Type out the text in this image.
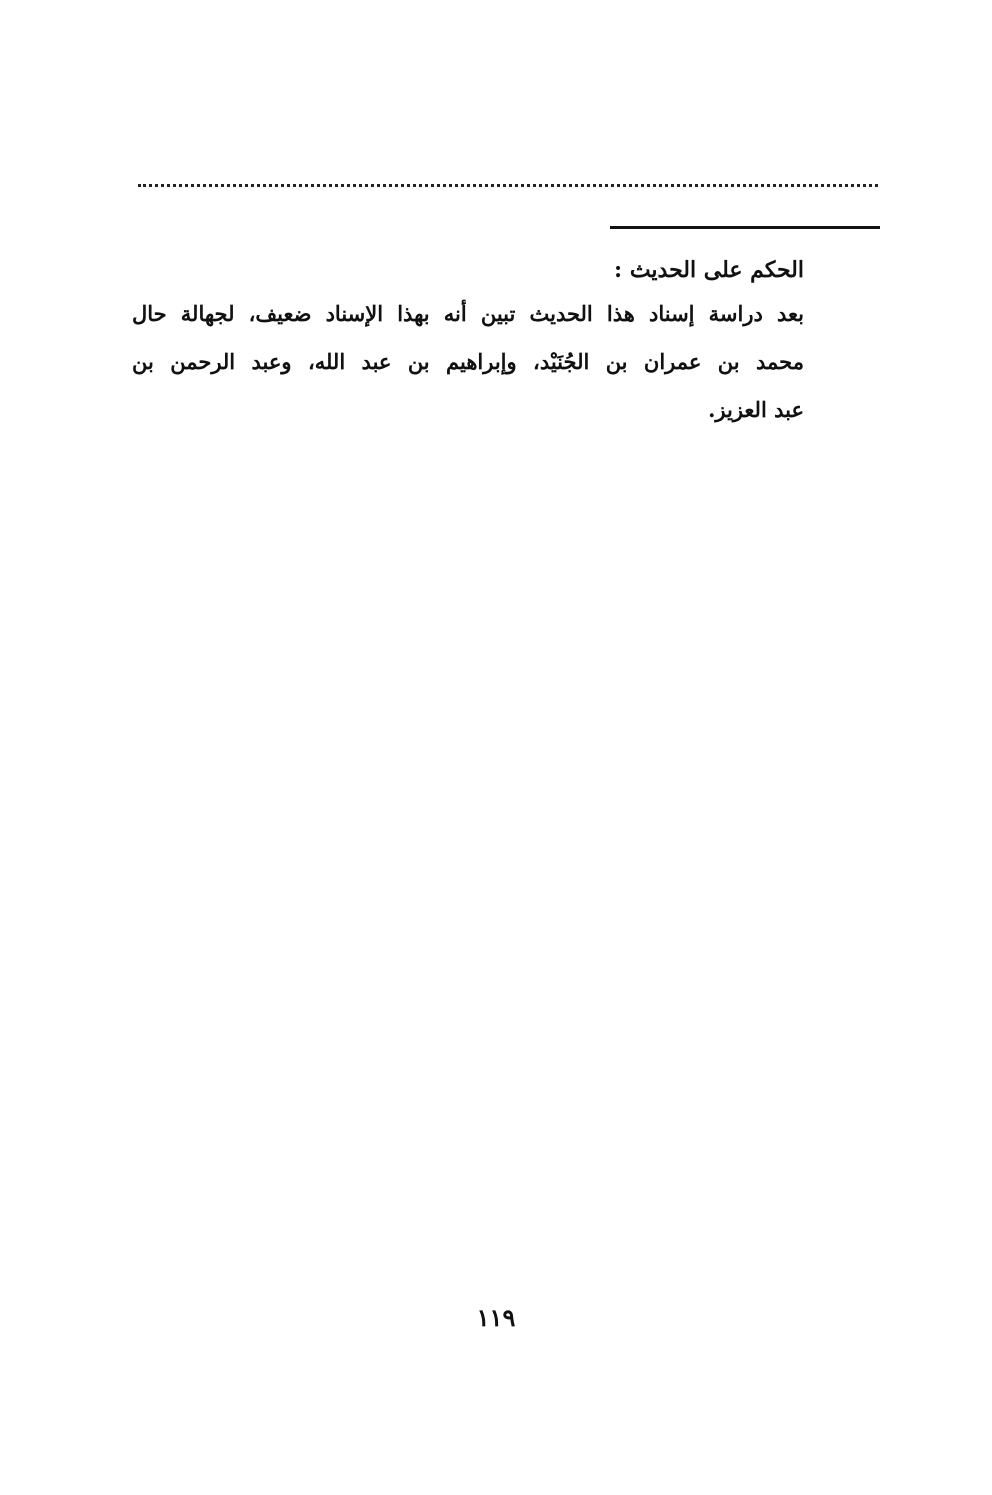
الحكم على الحديث :

بعد دراسة إسناد هذا الحديث تبين أنه بهذا الإسناد ضعيف، لجهالة حال
محمد بن عمران بن الجُنَيْد، وإبراهيم بن عبد الله، وعبد الرحمن بن
عبد العزيز.

١١٩
